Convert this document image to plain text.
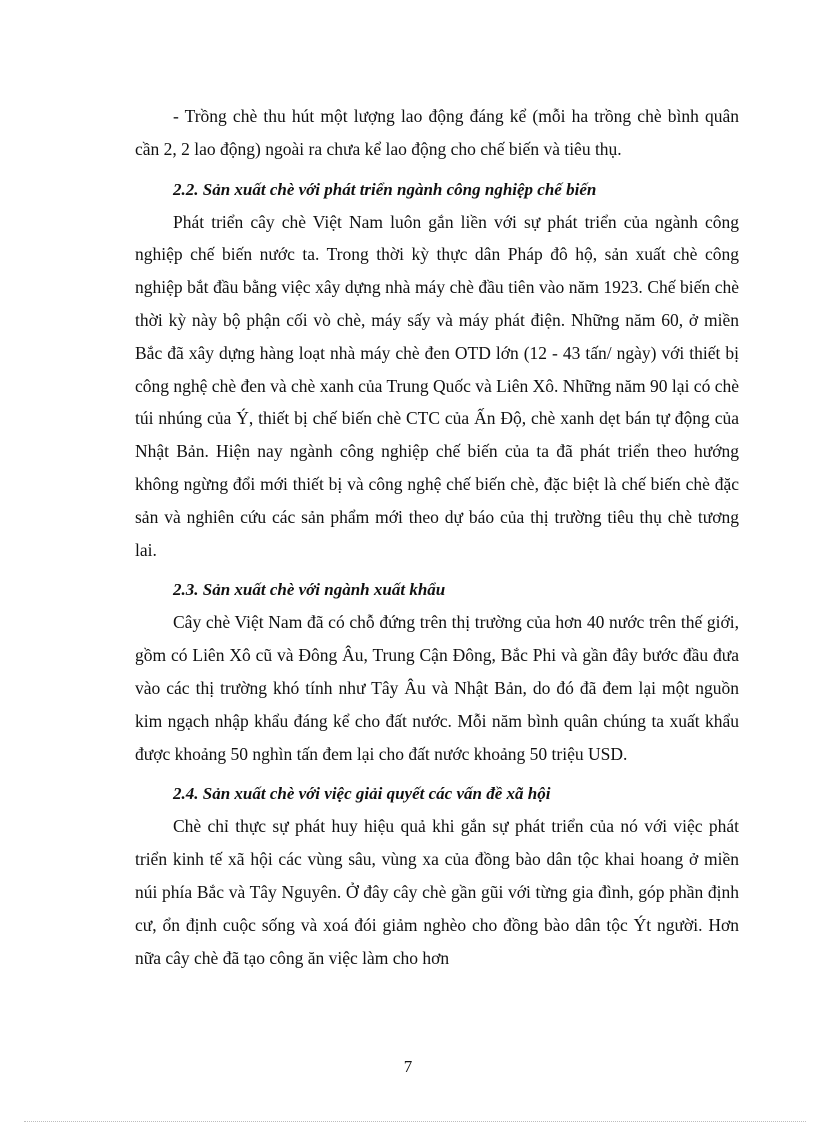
- Trồng chè thu hút một lượng lao động đáng kể (mỗi ha trồng chè bình quân cần 2, 2 lao động) ngoài ra chưa kể lao động cho chế biến và tiêu thụ.

2.2. Sản xuất chè với phát triển ngành công nghiệp chế biến

Phát triển cây chè Việt Nam luôn gắn liền với sự phát triển của ngành công nghiệp chế biến nước ta. Trong thời kỳ thực dân Pháp đô hộ, sản xuất chè công nghiệp bắt đầu bằng việc xây dựng nhà máy chè đầu tiên vào năm 1923. Chế biến chè thời kỳ này bộ phận cối vò chè, máy sấy và máy phát điện. Những năm 60, ở miền Bắc đã xây dựng hàng loạt nhà máy chè đen OTD lớn (12 - 43 tấn/ ngày) với thiết bị công nghệ chè đen và chè xanh của Trung Quốc và Liên Xô. Những năm 90 lại có chè túi nhúng của Ý, thiết bị chế biến chè CTC của Ấn Độ, chè xanh dẹt bán tự động của Nhật Bản. Hiện nay ngành công nghiệp chế biến của ta đã phát triển theo hướng không ngừng đổi mới thiết bị và công nghệ chế biến chè, đặc biệt là chế biến chè đặc sản và nghiên cứu các sản phẩm mới theo dự báo của thị trường tiêu thụ chè tương lai.

2.3. Sản xuất chè với ngành xuất khẩu

Cây chè Việt Nam đã có chỗ đứng trên thị trường của hơn 40 nước trên thế giới, gồm có Liên Xô cũ và Đông Âu, Trung Cận Đông, Bắc Phi và gần đây bước đầu đưa vào các thị trường khó tính như Tây Âu và Nhật Bản, do đó đã đem lại một nguồn kim ngạch nhập khẩu đáng kể cho đất nước. Mỗi năm bình quân chúng ta xuất khẩu được khoảng 50 nghìn tấn đem lại cho đất nước khoảng 50 triệu USD.

2.4. Sản xuất chè với việc giải quyết các vấn đề xã hội

Chè chỉ thực sự phát huy hiệu quả khi gắn sự phát triển của nó với việc phát triển kinh tế xã hội các vùng sâu, vùng xa của đồng bào dân tộc khai hoang ở miền núi phía Bắc và Tây Nguyên. Ở đây cây chè gần gũi với từng gia đình, góp phần định cư, ổn định cuộc sống và xoá đói giảm nghèo cho đồng bào dân tộc Ýt người. Hơn nữa cây chè đã tạo công ăn việc làm cho hơn

7
